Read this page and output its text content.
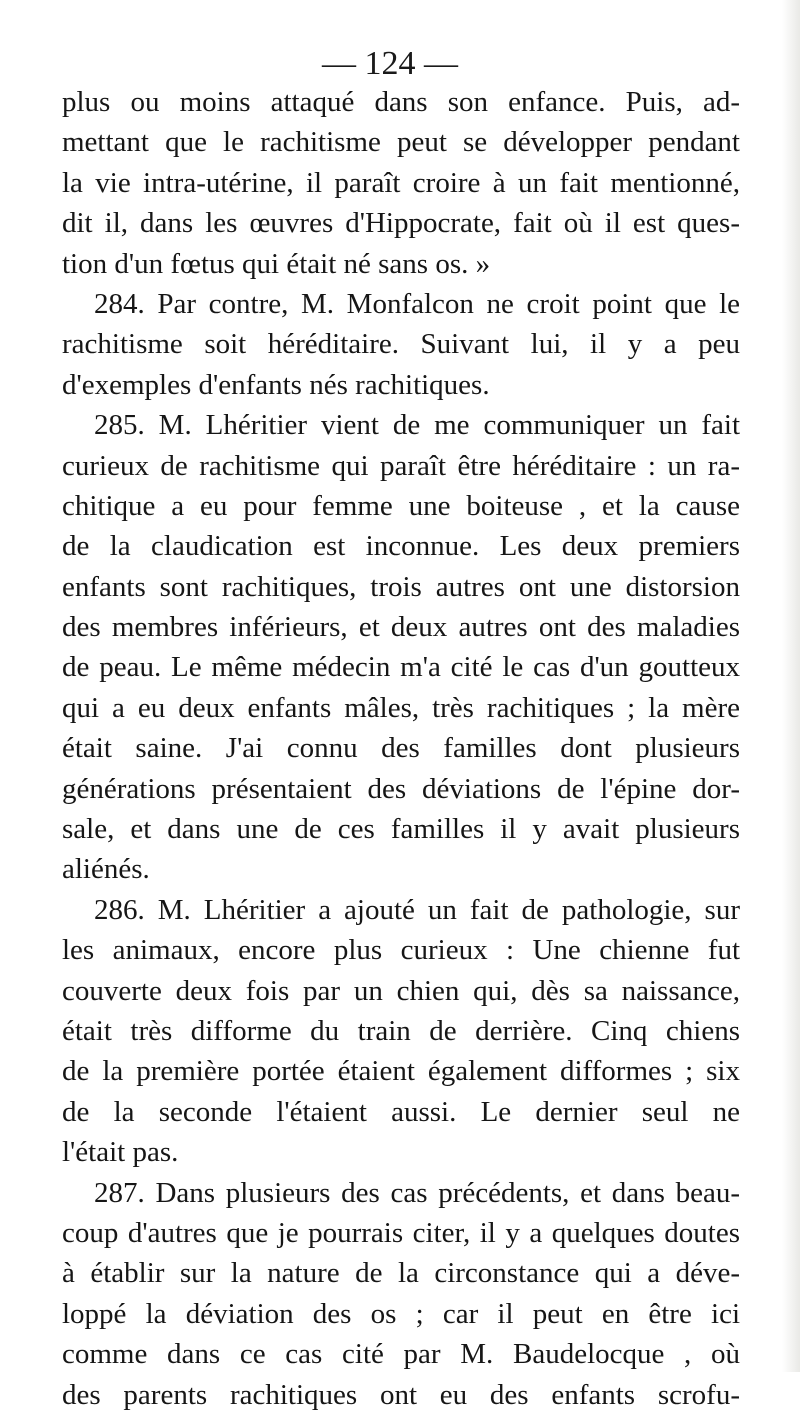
— 124 —
plus ou moins attaqué dans son enfance. Puis, ad-
mettant que le rachitisme peut se développer pendant
la vie intra-utérine, il paraît croire à un fait mentionné,
dit il, dans les œuvres d'Hippocrate, fait où il est ques-
tion d'un fœtus qui était né sans os. »
284. Par contre, M. Monfalcon ne croit point que le
rachitisme soit héréditaire. Suivant lui, il y a peu
d'exemples d'enfants nés rachitiques.
285. M. Lhéritier vient de me communiquer un fait
curieux de rachitisme qui paraît être héréditaire : un ra-
chitique a eu pour femme une boiteuse , et la cause
de la claudication est inconnue. Les deux premiers
enfants sont rachitiques, trois autres ont une distorsion
des membres inférieurs, et deux autres ont des maladies
de peau. Le même médecin m'a cité le cas d'un goutteux
qui a eu deux enfants mâles, très rachitiques ; la mère
était saine. J'ai connu des familles dont plusieurs
générations présentaient des déviations de l'épine dor-
sale, et dans une de ces familles il y avait plusieurs
aliénés.
286. M. Lhéritier a ajouté un fait de pathologie, sur
les animaux, encore plus curieux : Une chienne fut
couverte deux fois par un chien qui, dès sa naissance,
était très difforme du train de derrière. Cinq chiens
de la première portée étaient également difformes ; six
de la seconde l'étaient aussi. Le dernier seul ne
l'était pas.
287. Dans plusieurs des cas précédents, et dans beau-
coup d'autres que je pourrais citer, il y a quelques doutes
à établir sur la nature de la circonstance qui a déve-
loppé la déviation des os ; car il peut en être ici
comme dans ce cas cité par M. Baudelocque , où
des parents rachitiques ont eu des enfants scrofu-
